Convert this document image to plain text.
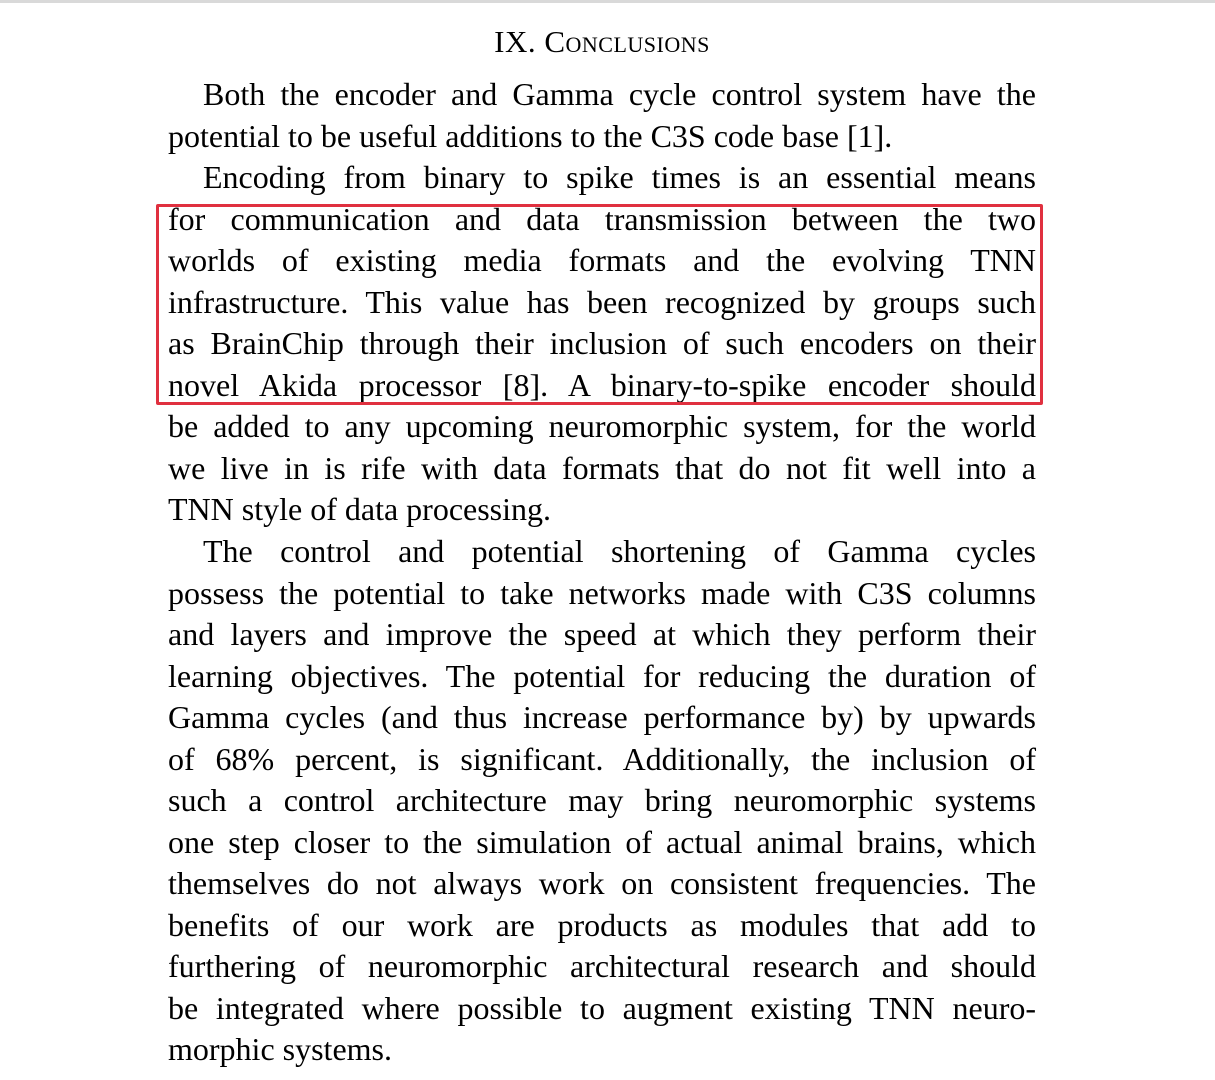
IX. Conclusions
Both the encoder and Gamma cycle control system have the
potential to be useful additions to the C3S code base [1].
Encoding from binary to spike times is an essential means
for communication and data transmission between the two
worlds of existing media formats and the evolving TNN
infrastructure. This value has been recognized by groups such
as BrainChip through their inclusion of such encoders on their
novel Akida processor [8]. A binary-to-spike encoder should
be added to any upcoming neuromorphic system, for the world
we live in is rife with data formats that do not fit well into a
TNN style of data processing.
The control and potential shortening of Gamma cycles
possess the potential to take networks made with C3S columns
and layers and improve the speed at which they perform their
learning objectives. The potential for reducing the duration of
Gamma cycles (and thus increase performance by) by upwards
of 68% percent, is significant. Additionally, the inclusion of
such a control architecture may bring neuromorphic systems
one step closer to the simulation of actual animal brains, which
themselves do not always work on consistent frequencies. The
benefits of our work are products as modules that add to
furthering of neuromorphic architectural research and should
be integrated where possible to augment existing TNN neuro-
morphic systems.
